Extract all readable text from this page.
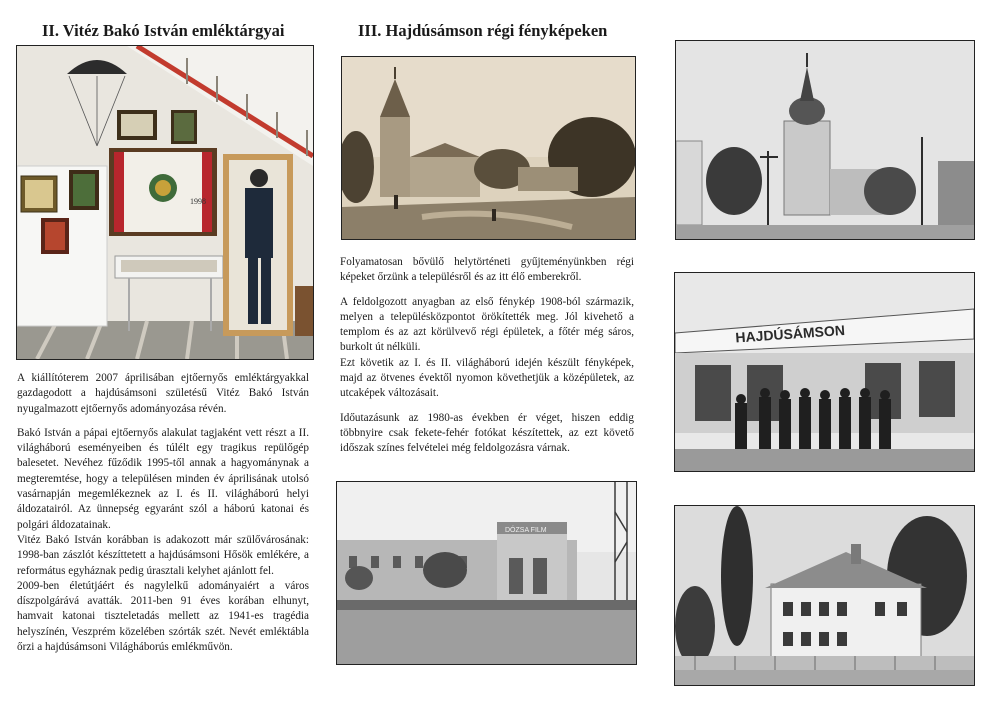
II. Vitéz Bakó István emléktárgyai
1998

A kiállítóterem 2007 áprilisában ejtőernyős emléktárgyakkal gazdagodott a hajdúsámsoni születésű Vitéz Bakó István nyugalmazott ejtőernyős adományozása révén.

Bakó István a pápai ejtőernyős alakulat tagjaként vett részt a II. világháború eseményeiben és túlélt egy tragikus repülőgép balesetet. Nevéhez fűződik 1995-től annak a hagyománynak a megteremtése, hogy a településen minden év áprilisának utolsó vasárnapján megemlékeznek az I. és II. világháború helyi áldozatairól. Az ünnepség egyaránt szól a háború katonai és polgári áldozatainak.

Vitéz Bakó István korábban is adakozott már szülővárosának: 1998-ban zászlót készíttetett a hajdúsámsoni Hősök emlékére, a református egyháznak pedig úrasztali kelyhet ajánlott fel.

2009-ben életútjáért és nagylelkű adományaiért a város díszpolgárává avatták. 2011-ben 91 éves korában elhunyt, hamvait katonai tiszteletadás mellett az 1941-es tragédia helyszínén, Veszprém közelében szórták szét. Nevét emléktábla őrzi a hajdúsámsoni Világháborús emlékművön.

III. Hajdúsámson régi fényképeken

Folyamatosan bővülő helytörténeti gyűjteményünkben régi képeket őrzünk a településről és az itt élő emberekről.

A feldolgozott anyagban az első fénykép 1908-ból származik, melyen a településközpontot örökítették meg. Jól kivehető a templom és az azt körülvevő régi épületek, a főtér még sáros, burkolt út nélküli.

Ezt követik az I. és II. világháború idején készült fényképek, majd az ötvenes évektől nyomon követhetjük a középületek, az utcaképek változásait.

Időutazásunk az 1980-as években ér véget, hiszen eddig többnyire csak fekete-fehér fotókat készítettek, az ezt követő időszak színes felvételei még feldolgozásra várnak.

DÓZSA FILM
HAJDÚSÁMSON
